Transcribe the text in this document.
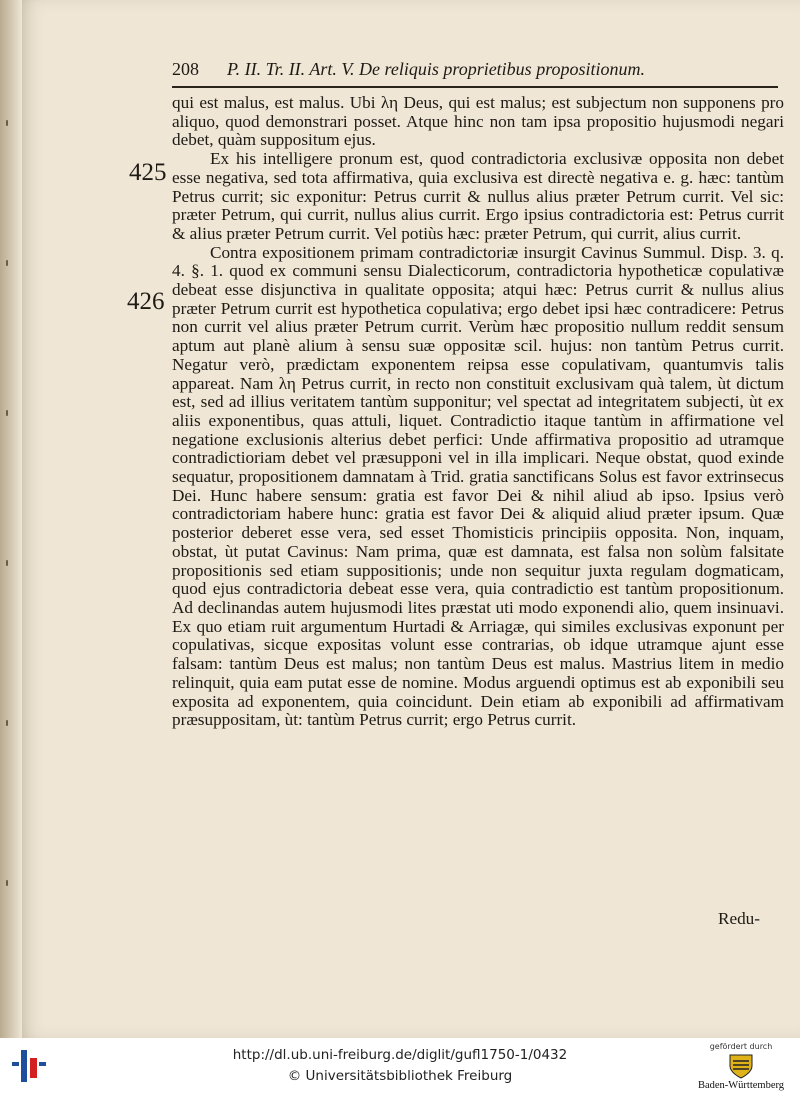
208 P. II. Tr. II. Art. V. De reliquis proprietibus propositionum.
425
426

qui est malus, est malus. Ubi λη Deus, qui est malus; est subjectum non supponens pro aliquo, quod demonstrari posset. Atque hinc non tam ipsa propositio hujusmodi negari debet, quàm suppositum ejus.

Ex his intelligere pronum est, quod contradictoria exclusivæ opposita non debet esse negativa, sed tota affirmativa, quia exclusiva est directè negativa e. g. hæc: tantùm Petrus currit; sic exponitur: Petrus currit & nullus alius præter Petrum currit. Vel sic: præter Petrum, qui currit, nullus alius currit. Ergo ipsius contradictoria est: Petrus currit & alius præter Petrum currit. Vel potiùs hæc: præter Petrum, qui currit, alius currit.

Contra expositionem primam contradictoriæ insurgit Cavinus Summul. Disp. 3. q. 4. §. 1. quod ex communi sensu Dialecticorum, contradictoria hypotheticæ copulativæ debeat esse disjunctiva in qualitate opposita; atqui hæc: Petrus currit & nullus alius præter Petrum currit est hypothetica copulativa; ergo debet ipsi hæc contradicere: Petrus non currit vel alius præter Petrum currit. Verùm hæc propositio nullum reddit sensum aptum aut planè alium à sensu suæ oppositæ scil. hujus: non tantùm Petrus currit. Negatur verò, prædictam exponentem reipsa esse copulativam, quantumvis talis appareat. Nam λη Petrus currit, in recto non constituit exclusivam quà talem, ùt dictum est, sed ad illius veritatem tantùm supponitur; vel spectat ad integritatem subjecti, ùt ex aliis exponentibus, quas attuli, liquet. Contradictio itaque tantùm in affirmatione vel negatione exclusionis alterius debet perfici: Unde affirmativa propositio ad utramque contradictioriam debet vel præsupponi vel in illa implicari. Neque obstat, quod exinde sequatur, propositionem damnatam à Trid. gratia sanctificans Solus est favor extrinsecus Dei. Hunc habere sensum: gratia est favor Dei & nihil aliud ab ipso. Ipsius verò contradictoriam habere hunc: gratia est favor Dei & aliquid aliud præter ipsum. Quæ posterior deberet esse vera, sed esset Thomisticis principiis opposita. Non, inquam, obstat, ùt putat Cavinus: Nam prima, quæ est damnata, est falsa non solùm falsitate propositionis sed etiam suppositionis; unde non sequitur juxta regulam dogmaticam, quod ejus contradictoria debeat esse vera, quia contradictio est tantùm propositionum. Ad declinandas autem hujusmodi lites præstat uti modo exponendi alio, quem insinuavi. Ex quo etiam ruit argumentum Hurtadi & Arriagæ, qui similes exclusivas exponunt per copulativas, sicque expositas volunt esse contrarias, ob idque utramque ajunt esse falsam: tantùm Deus est malus; non tantùm Deus est malus. Mastrius litem in medio relinquit, quia eam putat esse de nomine. Modus arguendi optimus est ab exponibili seu exposita ad exponentem, quia coincidunt. Dein etiam ab exponibili ad affirmativam præsuppositam, ùt: tantùm Petrus currit; ergo Petrus currit.

Redu-
http://dl.ub.uni-freiburg.de/diglit/gufl1750-1/0432
© Universitätsbibliothek Freiburg
gefördert durch
Baden-Württemberg
